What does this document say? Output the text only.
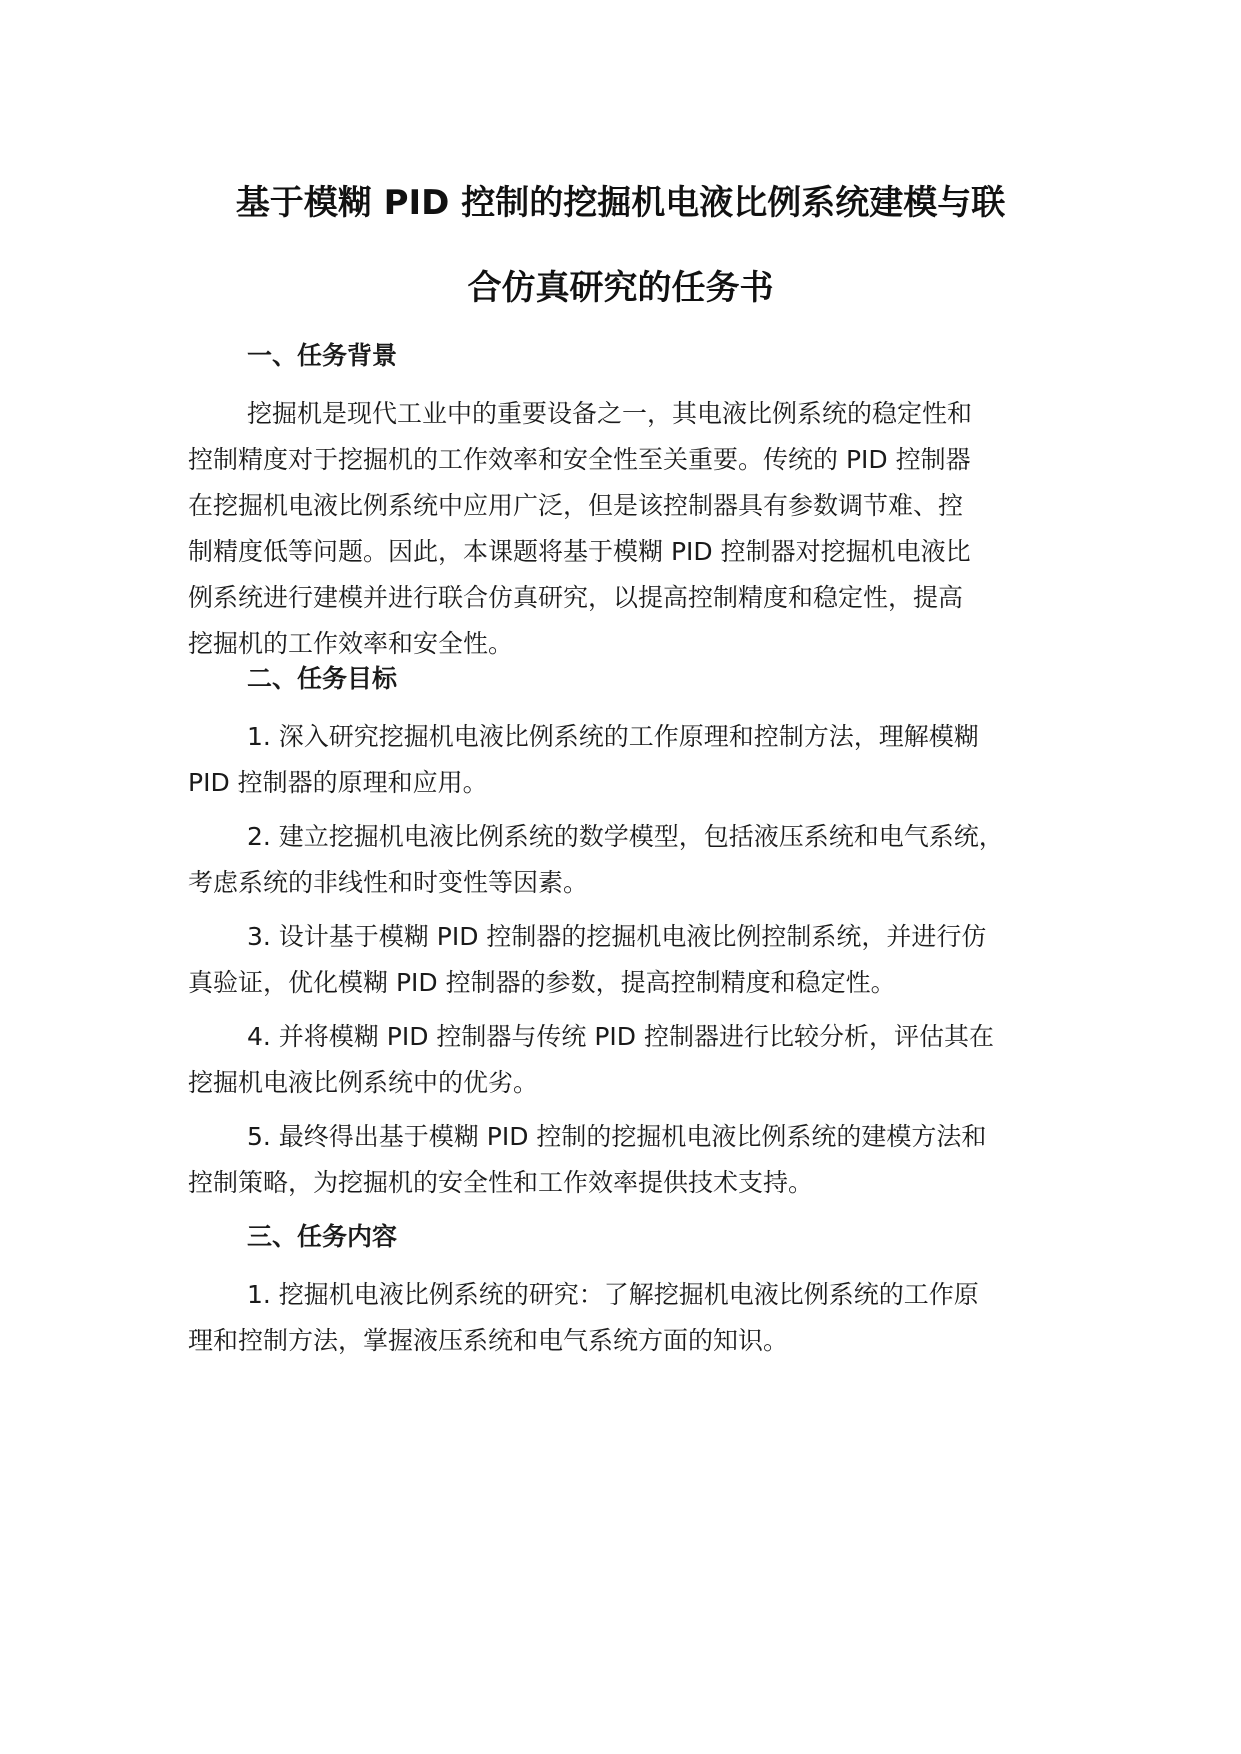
基于模糊 PID 控制的挖掘机电液比例系统建模与联
合仿真研究的任务书
一、任务背景

挖掘机是现代工业中的重要设备之一，其电液比例系统的稳定性和
控制精度对于挖掘机的工作效率和安全性至关重要。传统的 PID 控制器
在挖掘机电液比例系统中应用广泛，但是该控制器具有参数调节难、控
制精度低等问题。因此，本课题将基于模糊 PID 控制器对挖掘机电液比
例系统进行建模并进行联合仿真研究，以提高控制精度和稳定性，提高
挖掘机的工作效率和安全性。

二、任务目标

1. 深入研究挖掘机电液比例系统的工作原理和控制方法，理解模糊
PID 控制器的原理和应用。

2. 建立挖掘机电液比例系统的数学模型，包括液压系统和电气系统，
考虑系统的非线性和时变性等因素。

3. 设计基于模糊 PID 控制器的挖掘机电液比例控制系统，并进行仿
真验证，优化模糊 PID 控制器的参数，提高控制精度和稳定性。

4. 并将模糊 PID 控制器与传统 PID 控制器进行比较分析，评估其在
挖掘机电液比例系统中的优劣。

5. 最终得出基于模糊 PID 控制的挖掘机电液比例系统的建模方法和
控制策略，为挖掘机的安全性和工作效率提供技术支持。

三、任务内容

1. 挖掘机电液比例系统的研究：了解挖掘机电液比例系统的工作原
理和控制方法，掌握液压系统和电气系统方面的知识。
